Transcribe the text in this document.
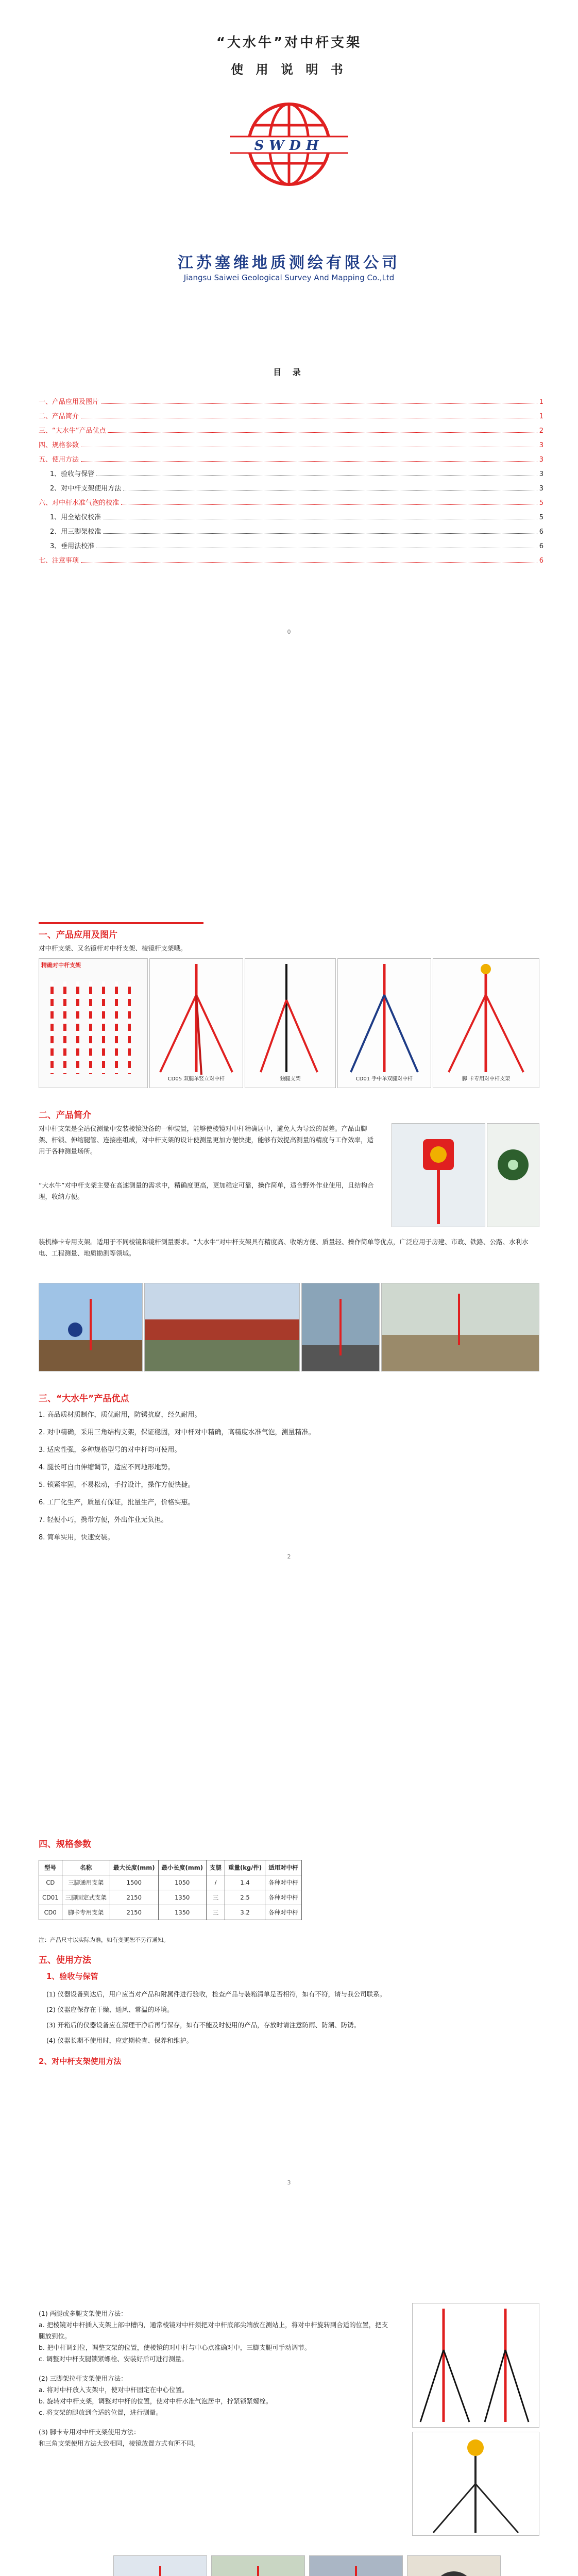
“大水牛”对中杆支架
使 用 说 明 书
SWDH
江苏塞维地质测绘有限公司
Jiangsu Saiwei Geological Survey And Mapping Co.,Ltd
目 录
一、产品应用及图片	1
二、产品简介	1
三、“大水牛”产品优点	2
四、规格参数	3
五、使用方法	3
1、验收与保管	3
2、对中杆支架使用方法	3
六、对中杆水准气泡的校准	5
1、用全站仪校准	5
2、用三脚架校准	6
3、垂用法校准	6
七、注意事项	6
0
一、产品应用及图片
对中杆支架、又名镜杆对中杆支架、棱镜杆支架哦。
精确对中杆支架
CD05 双腿单竖立对中杆	独腿支架	CD01 手中单双腿对中杆	脚 卡专用对中杆支架
二、产品简介
对中杆支架是全站仪测量中安装棱镜设备的一种装置，能够使棱镜对中杆精确居中，避免人为导致的误差。产品由脚架、杆锁、伸缩腿管、连接座组成，对中杆支架的设计使测量更加方便快捷，能够有效提高测量的精度与工作效率，适用于各种测量场所。
“大水牛”对中杆支架主要在高速测量的需求中，精确度更高，更加稳定可靠，操作简单，适合野外作业使用，且结构合理，收纳方便。
装机棒卡专用支架。适用于不同棱镜和镜杆测量要求。“大水牛”对中杆支架具有精度高、收纳方便、质量轻、操作简单等优点，广泛应用于房建、市政、铁路、公路、水利水电、工程测量、地质勘测等领域。
三、“大水牛”产品优点
1. 高品质材质制作，质优耐用，防锈抗腐，经久耐用。
2. 对中精确，采用三角结构支架，保证稳固，对中杆对中精确，高精度水准气泡，测量精准。
3. 适应性强，多种规格型号的对中杆均可使用。
4. 腿长可自由伸缩调节，适应不同地形地势。
5. 锁紧牢固，不易松动，手拧设计，操作方便快捷。
6. 工厂化生产，质量有保证，批量生产，价格实惠。
7. 轻便小巧，携带方便，外出作业无负担。
8. 简单实用，快速安装。
2
四、规格参数
型号	名称	最大长度(mm)	最小长度(mm)	支腿	重量(kg/件)	适用对中杆
CD	三脚通用支架	1500	1050	/	1.4	各种对中杆
CD01	三脚固定式支架	2150	1350	三	2.5	各种对中杆
CD0	脚卡专用支架	2150	1350	三	3.2	各种对中杆
注：产品尺寸以实际为准，如有变更恕不另行通知。
五、使用方法
1、验收与保管
(1) 仪器设备到达后，用户应当对产品和附属件进行验收，检查产品与装箱清单是否相符，如有不符，请与我公司联系。
(2) 仪器应保存在干燥、通风、常温的环境。
(3) 开箱后的仪器设备应在清理干净后再行保存，如有不能及时使用的产品，存放时请注意防雨、防潮、防锈。
(4) 仪器长期不使用时，应定期检查、保养和维护。
2、对中杆支架使用方法
3
(1) 两腿或多腿支架使用方法：
a. 把棱镜对中杆插入支架上部中槽内，通常棱镜对中杆须把对中杆底部尖端放在测站上，将对中杆旋转到合适的位置，把支腿放到位。
b. 把中杆调到位，调整支架的位置，使棱镜的对中杆与中心点准确对中，三脚支腿可手动调节。
c. 调整对中杆支腿锁紧螺栓、安装好后可进行测量。
(2) 三脚架拉杆支架使用方法：
a. 将对中杆放入支架中，使对中杆固定在中心位置。
b. 旋转对中杆支架，调整对中杆的位置，使对中杆水准气泡居中，拧紧锁紧螺栓。
c. 将支架的腿放到合适的位置，进行测量。
(3) 脚卡专用对中杆支架使用方法：
和三角支架使用方法大致相同，棱镜放置方式有所不同。
